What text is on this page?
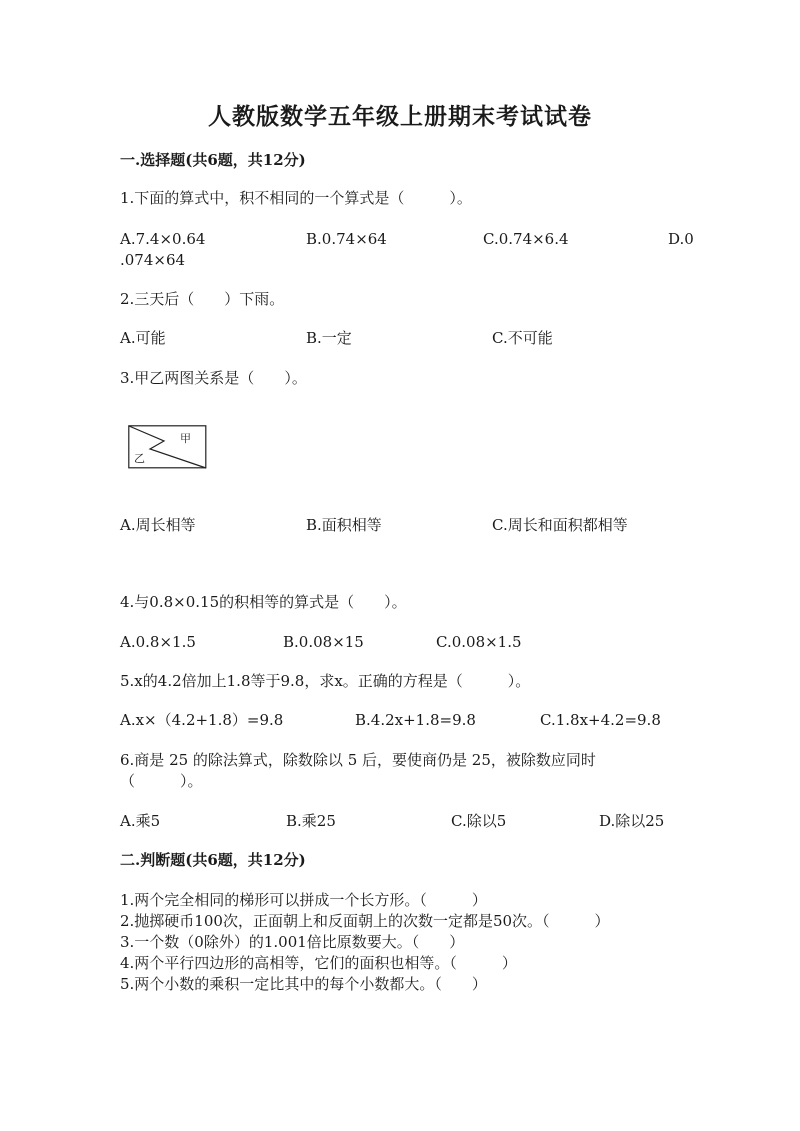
人教版数学五年级上册期末考试试卷
一.选择题(共6题，共12分)
1.下面的算式中，积不相同的一个算式是（　　　）。
A.7.4×0.64	B.0.74×64	C.0.74×6.4	D.0
.074×64
2.三天后（　　）下雨。
A.可能	B.一定	C.不可能
3.甲乙两图关系是（　　）。
甲
乙
A.周长相等	B.面积相等	C.周长和面积都相等
4.与0.8×0.15的积相等的算式是（　　）。
A.0.8×1.5	B.0.08×15	C.0.08×1.5
5.x的4.2倍加上1.8等于9.8，求x。正确的方程是（　　　）。
A.x×（4.2+1.8）=9.8	B.4.2x+1.8=9.8	C.1.8x+4.2=9.8
6.商是 25 的除法算式，除数除以 5 后，要使商仍是 25，被除数应同时
（　　　）。
A.乘5	B.乘25	C.除以5	D.除以25
二.判断题(共6题，共12分)
1.两个完全相同的梯形可以拼成一个长方形。（　　　）
2.抛掷硬币100次，正面朝上和反面朝上的次数一定都是50次。（　　　）
3.一个数（0除外）的1.001倍比原数要大。（　　）
4.两个平行四边形的高相等，它们的面积也相等。（　　　）
5.两个小数的乘积一定比其中的每个小数都大。（　　）
